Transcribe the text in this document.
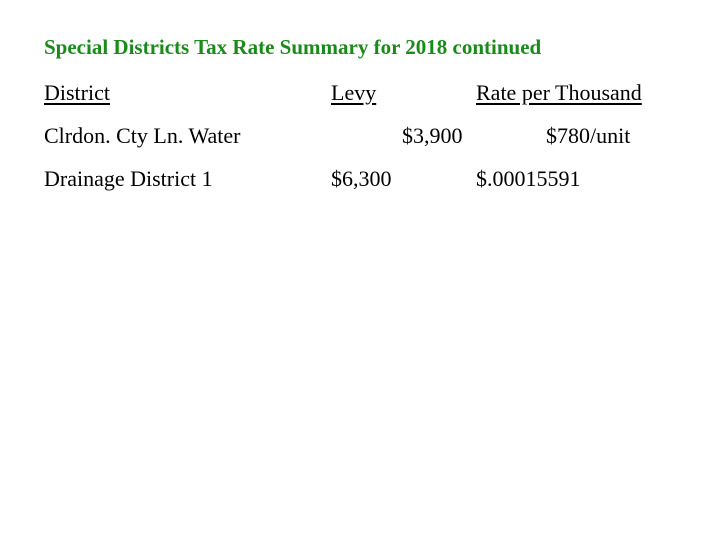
Special Districts Tax Rate Summary for 2018 continued
District	Levy	Rate per Thousand
Clrdon. Cty Ln. Water	$3,900	$780/unit
Drainage District 1	$6,300	$.00015591
